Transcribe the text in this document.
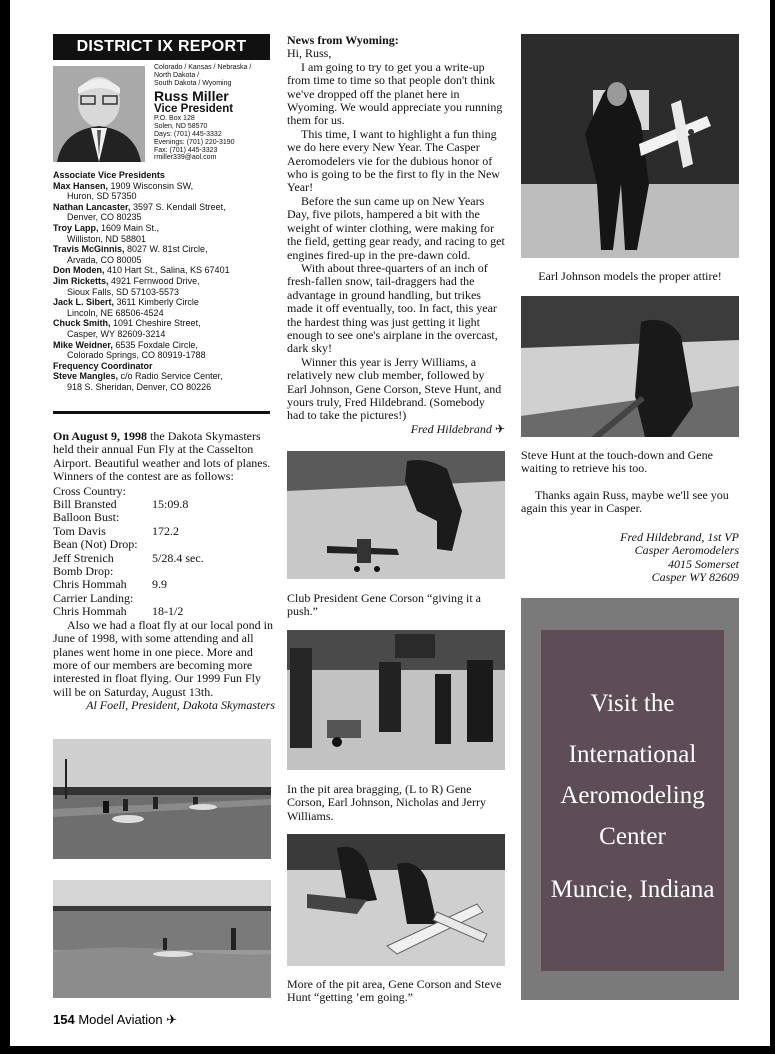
DISTRICT IX REPORT
Colorado / Kansas / Nebraska /
North Dakota /
South Dakota / Wyoming
Russ Miller
Vice President
P.O. Box 128
Solen, ND 58570
Days: (701) 445-3332
Evenings: (701) 220-3190
Fax: (701) 445-3323
rmiller339@aol.com
Associate Vice Presidents
Max Hansen, 1909 Wisconsin SW,
Huron, SD 57350
Nathan Lancaster, 3597 S. Kendall Street,
Denver, CO 80235
Troy Lapp, 1609 Main St.,
Williston, ND 58801
Travis McGinnis, 8027 W. 81st Circle,
Arvada, CO 80005
Don Moden, 410 Hart St., Salina, KS 67401
Jim Ricketts, 4921 Fernwood Drive,
Sioux Falls, SD 57103-5573
Jack L. Sibert, 3611 Kimberly Circle
Lincoln, NE 68506-4524
Chuck Smith, 1091 Cheshire Street,
Casper, WY 82609-3214
Mike Weidner, 6535 Foxdale Circle,
Colorado Springs, CO 80919-1788
Frequency Coordinator
Steve Mangles, c/o Radio Service Center,
918 S. Sheridan, Denver, CO 80226
On August 9, 1998 the Dakota Skymasters held their annual Fun Fly at the Casselton Airport. Beautiful weather and lots of planes. Winners of the contest are as follows:
Cross Country:
Bill Bransted	15:09.8
Balloon Bust:
Tom Davis	172.2
Bean (Not) Drop:
Jeff Strenich	5/28.4 sec.
Bomb Drop:
Chris Hommah	9.9
Carrier Landing:
Chris Hommah	18-1/2
Also we had a float fly at our local pond in June of 1998, with some attending and all planes went home in one piece. More and more of our members are becoming more interested in float flying. Our 1999 Fun Fly will be on Saturday, August 13th.
Al Foell, President, Dakota Skymasters
News from Wyoming:
Hi, Russ,
I am going to try to get you a write-up from time to time so that people don't think we've dropped off the planet here in Wyoming. We would appreciate you running them for us.
This time, I want to highlight a fun thing we do here every New Year. The Casper Aeromodelers vie for the dubious honor of who is going to be the first to fly in the New Year!
Before the sun came up on New Years Day, five pilots, hampered a bit with the weight of winter clothing, were making for the field, getting gear ready, and racing to get engines fired-up in the pre-dawn cold.
With about three-quarters of an inch of fresh-fallen snow, tail-draggers had the advantage in ground handling, but trikes made it off eventually, too. In fact, this year the hardest thing was just getting it light enough to see one's airplane in the overcast, dark sky!
Winner this year is Jerry Williams, a relatively new club member, followed by Earl Johnson, Gene Corson, Steve Hunt, and yours truly, Fred Hildebrand. (Somebody had to take the pictures!)
Fred Hildebrand ✈
Club President Gene Corson “giving it a push.”
In the pit area bragging, (L to R) Gene Corson, Earl Johnson, Nicholas and Jerry Williams.
More of the pit area, Gene Corson and Steve Hunt “getting ’em going.”
Earl Johnson models the proper attire!
Steve Hunt at the touch-down and Gene waiting to retrieve his too.
Thanks again Russ, maybe we'll see you again this year in Casper.
Fred Hildebrand, 1st VP
Casper Aeromodelers
4015 Somerset
Casper WY 82609
Visit the
International
Aeromodeling
Center
Muncie, Indiana
154 Model Aviation ✈
